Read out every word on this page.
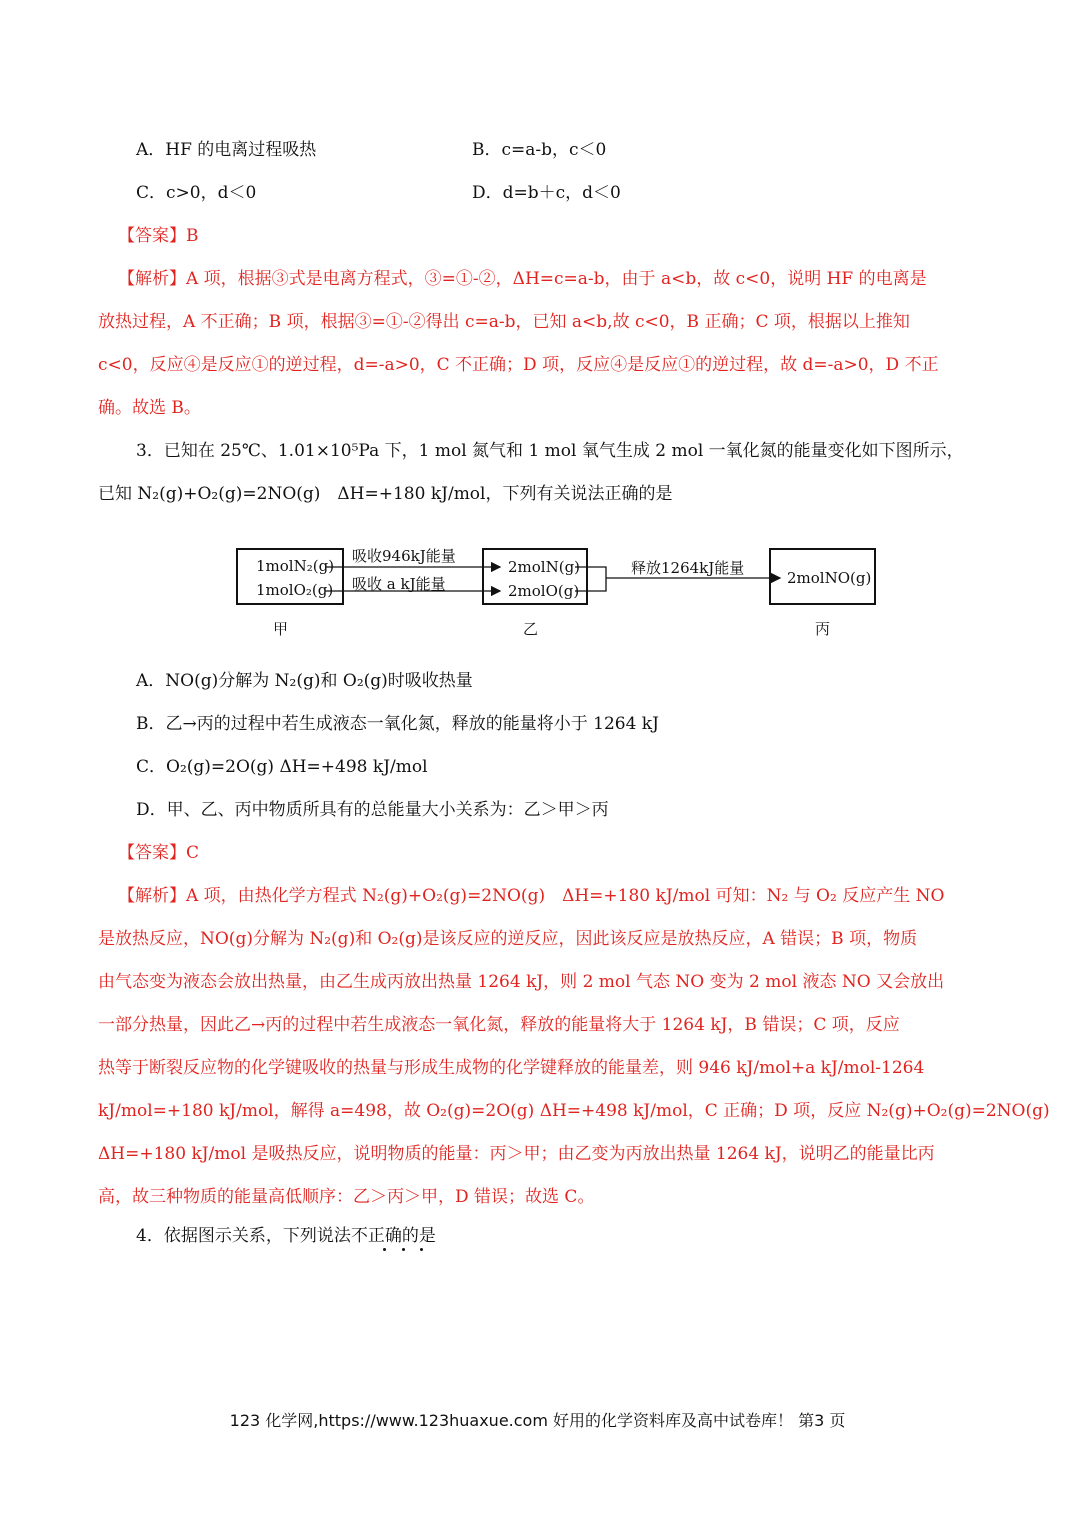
A．HF 的电离过程吸热	B．c=a-b，c＜0
C．c>0，d＜0	D．d=b＋c，d＜0
【答案】B
【解析】A 项，根据③式是电离方程式，③=①-②，ΔH=c=a-b，由于 a<b，故 c<0，说明 HF 的电离是
放热过程，A 不正确；B 项，根据③=①-②得出 c=a-b，已知 a<b,故 c<0，B 正确；C 项，根据以上推知
c<0，反应④是反应①的逆过程，d=-a>0，C 不正确；D 项，反应④是反应①的逆过程，故 d=-a>0，D 不正
确。故选 B。
3．已知在 25℃、1.01×10⁵Pa 下，1 mol 氮气和 1 mol 氧气生成 2 mol 一氧化氮的能量变化如下图所示，
已知 N₂(g)+O₂(g)=2NO(g)　ΔH=+180 kJ/mol，下列有关说法正确的是
1molN₂(g)
1molO₂(g)
2molN(g)
2molO(g)
2molNO(g)
吸收946kJ能量
吸收 a kJ能量
释放1264kJ能量
甲	乙	丙
A．NO(g)分解为 N₂(g)和 O₂(g)时吸收热量
B．乙→丙的过程中若生成液态一氧化氮，释放的能量将小于 1264 kJ
C．O₂(g)=2O(g) ΔH=+498 kJ/mol
D．甲、乙、丙中物质所具有的总能量大小关系为：乙＞甲＞丙
【答案】C
【解析】A 项，由热化学方程式 N₂(g)+O₂(g)=2NO(g)　ΔH=+180 kJ/mol 可知：N₂ 与 O₂ 反应产生 NO
是放热反应，NO(g)分解为 N₂(g)和 O₂(g)是该反应的逆反应，因此该反应是放热反应，A 错误；B 项，物质
由气态变为液态会放出热量，由乙生成丙放出热量 1264 kJ，则 2 mol 气态 NO 变为 2 mol 液态 NO 又会放出
一部分热量，因此乙→丙的过程中若生成液态一氧化氮，释放的能量将大于 1264 kJ，B 错误；C 项，反应
热等于断裂反应物的化学键吸收的热量与形成生成物的化学键释放的能量差，则 946 kJ/mol+a kJ/mol-1264
kJ/mol=+180 kJ/mol，解得 a=498，故 O₂(g)=2O(g) ΔH=+498 kJ/mol，C 正确；D 项，反应 N₂(g)+O₂(g)=2NO(g)
ΔH=+180 kJ/mol 是吸热反应，说明物质的能量：丙＞甲；由乙变为丙放出热量 1264 kJ，说明乙的能量比丙
高，故三种物质的能量高低顺序：乙＞丙＞甲，D 错误；故选 C。
4．依据图示关系，下列说法不正确的是
123 化学网,https://www.123huaxue.com 好用的化学资料库及高中试卷库！ 第3 页
